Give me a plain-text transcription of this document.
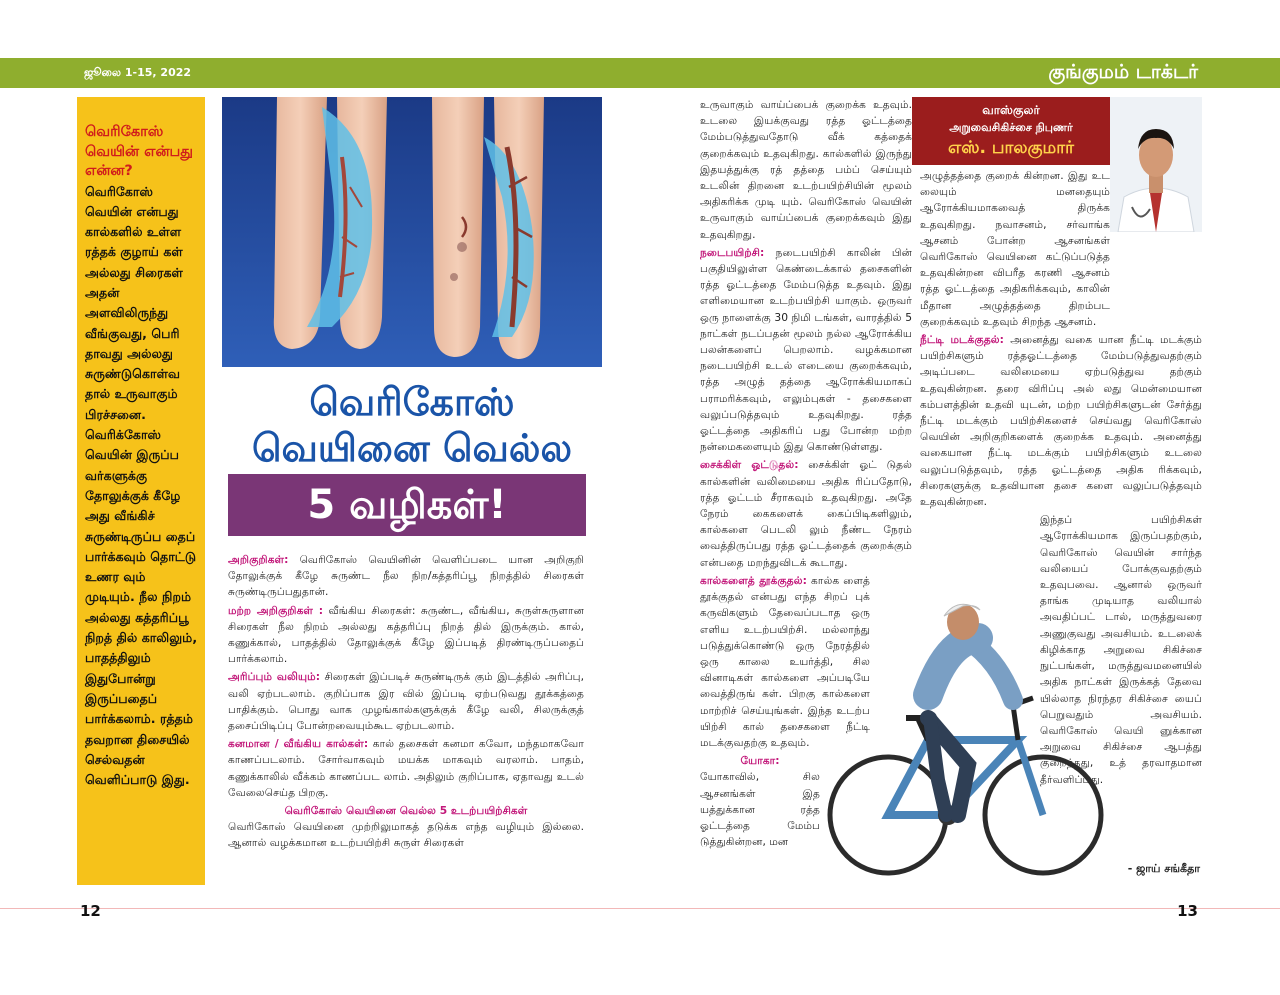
ஜூலை 1-15, 2022	குங்குமம் டாக்டர்
வெரிகோஸ் வெயின் என்பது என்ன?
வெரிகோஸ் வெயின் என்பது கால்களில் உள்ள ரத்தக் குழாய் கள் அல்லது சிரைகள் அதன் அளவிலிருந்து வீங்குவது, பெரி தாவது அல்லது சுருண்டுகொள்வ தால் உருவாகும் பிரச்சனை. வெரிக்கோஸ் வெயின் இருப்ப வர்களுக்கு தோலுக்குக் கீழே அது வீங்கிச் சுருண்டிருப்ப தைப் பார்க்கவும் தொட்டு உணர வும் முடியும். நீல நிறம் அல்லது கத்தரிப்பூ நிறத் தில் காலிலும், பாதத்திலும் இதுபோன்று இருப்பதைப் பார்க்கலாம். ரத்தம் தவறான திசையில் செல்வதன் வெளிப்பாடு இது.
வெரிகோஸ்
வெயினை வெல்ல
5 வழிகள்!

அறிகுறிகள்: வெரிகோஸ் வெயினின் வெளிப்படை யான அறிகுறி தோலுக்குக் கீழே சுருண்ட நீல நிற/கத்தரிப்பூ நிறத்தில் சிரைகள் சுருண்டிருப்பதுதான்.

மற்ற அறிகுறிகள் : வீங்கிய சிரைகள்: சுருண்ட, வீங்கிய, சுருள்சுருளான சிரைகள் நீல நிறம் அல்லது கத்தரிப்பு நிறத் தில் இருக்கும். கால், கணுக்கால், பாதத்தில் தோலுக்குக் கீழே இப்படித் திரண்டிருப்பதைப் பார்க்கலாம்.

அரிப்பும் வலியும்: சிரைகள் இப்படிச் சுருண்டிருக் கும் இடத்தில் அரிப்பு, வலி ஏற்படலாம். குறிப்பாக இர வில் இப்படி ஏற்படுவது தூக்கத்தை பாதிக்கும். பொது வாக முழங்கால்களுக்குக் கீழே வலி, சிலருக்குத் தசைப்பிடிப்பு போன்றவையும்கூட ஏற்படலாம்.

கனமான / வீங்கிய கால்கள்: கால் தசைகள் கனமா கவோ, மந்தமாகவோ காணப்படலாம். சோர்வாகவும் மயக்க மாகவும் வரலாம். பாதம், கணுக்காலில் வீக்கம் காணப்பட லாம். அதிலும் குறிப்பாக, ஏதாவது உடல் வேலைசெய்த பிறகு.

வெரிகோஸ் வெயினை வெல்ல 5 உடற்பயிற்சிகள்
வெரிகோஸ் வெயினை முற்றிலுமாகத் தடுக்க எந்த வழியும் இல்லை. ஆனால் வழக்கமான உடற்பயிற்சி சுருள் சிரைகள்

உருவாகும் வாய்ப்பைக் குறைக்க உதவும். உடலை இயக்குவது ரத்த ஓட்டத்தை மேம்படுத்துவதோடு வீக் கத்தைக் குறைக்கவும் உதவுகிறது. கால்களில் இருந்து இதயத்துக்கு ரத் தத்தை பம்ப் செய்யும் உடலின் திறனை உடற்பயிற்சியின் மூலம் அதிகரிக்க முடி யும். வெரிகோஸ் வெயின் உருவாகும் வாய்ப்பைக் குறைக்கவும் இது உதவுகிறது.

நடைபயிற்சி: நடைபயிற்சி காலின் பின் பகுதியிலுள்ள கெண்டைக்கால் தசைகளின் ரத்த ஓட்டத்தை மேம்படுத்த உதவும். இது எளிமையான உடற்பயிற்சி யாகும். ஒருவர் ஒரு நாளைக்கு 30 நிமி டங்கள், வாரத்தில் 5 நாட்கள் நடப்பதன் மூலம் நல்ல ஆரோக்கிய பலன்களைப் பெறலாம். வழக்கமான நடைபயிற்சி உடல் எடையை குறைக்கவும், ரத்த அழுத் தத்தை ஆரோக்கியமாகப் பராமரிக்கவும், எலும்புகள் - தசைகளை வலுப்படுத்தவும் உதவுகிறது. ரத்த ஓட்டத்தை அதிகரிப் பது போன்ற மற்ற நன்மைகளையும் இது கொண்டுள்ளது.

சைக்கிள் ஓட்டுதல்: சைக்கிள் ஓட் டுதல் கால்களின் வலிமையை அதிக ரிப்பதோடு, ரத்த ஓட்டம் சீராகவும் உதவுகிறது. அதே நேரம் கைகளைக் கைப்பிடிகளிலும், கால்களை பெடலி லும் நீண்ட நேரம் வைத்திருப்பது ரத்த ஓட்டத்தைக் குறைக்கும் என்பதை மறந்துவிடக் கூடாது.

கால்களைத் தூக்குதல்: கால்க ளைத் தூக்குதல் என்பது எந்த சிறப் புக் கருவிகளும் தேவைப்படாத ஒரு எளிய உடற்பயிற்சி. மல்லாந்து படுத்துக்கொண்டு ஒரு நேரத்தில் ஒரு காலை உயர்த்தி, சில வினாடிகள் கால்களை அப்படியே வைத்திருங் கள். பிறகு கால்களை மாற்றிச் செய்யுங்கள். இந்த உடற்ப யிற்சி கால் தசைகளை நீட்டி மடக்குவதற்கு உதவும்.

யோகா:
யோகாவில், சில ஆசனங்கள் இத யத்துக்கான ரத்த ஓட்டத்தை மேம்ப டுத்துகின்றன, மன

வாஸ்குலர்
அறுவைசிகிச்சை நிபுணர்
எஸ். பாலகுமார்

அழுத்தத்தை குறைக் கின்றன. இது உட லையும் மனதையும் ஆரோக்கியமாகவைத் திருக்க உதவுகிறது. நவாசனம், சர்வாங்க ஆசனம் போன்ற ஆசனங்கள் வெரிகோஸ் வெயினை கட்டுப்படுத்த உதவுகின்றன விபரீத கரணி ஆசனம் ரத்த ஓட்டத்தை அதிகரிக்கவும், காலின் மீதான அழுத்தத்தை திறம்பட குறைக்கவும் உதவும் சிறந்த ஆசனம்.

நீட்டி மடக்குதல்: அனைத்து வகை யான நீட்டி மடக்கும் பயிற்சிகளும் ரத்தஓட்டத்தை மேம்படுத்துவதற்கும் அடிப்படை வலிமையை ஏற்படுத்துவ தற்கும் உதவுகின்றன. தரை விரிப்பு அல் லது மென்மையான கம்பளத்தின் உதவி யுடன், மற்ற பயிற்சிகளுடன் சேர்த்து நீட்டி மடக்கும் பயிற்சிகளைச் செய்வது வெரிகோஸ் வெயின் அறிகுறிகளைக் குறைக்க உதவும். அனைத்து வகையான நீட்டி மடக்கும் பயிற்சிகளும் உடலை வலுப்படுத்தவும், ரத்த ஓட்டத்தை அதிக ரிக்கவும், சிரைகளுக்கு உதவியான தசை களை வலுப்படுத்தவும் உதவுகின்றன.

இந்தப் பயிற்சிகள் ஆரோக்கியமாக இருப்பதற்கும், வெரிகோஸ் வெயின் சார்ந்த வலியைப் போக்குவதற்கும் உதவுபவை. ஆனால் ஒருவர் தாங்க முடியாத வலியால் அவதிப்பட் டால், மருத்துவரை அணுகுவது அவசியம். உடலைக் கிழிக்காத அறுவை சிகிச்சை நுட்பங்கள், மருத்துவமனையில் அதிக நாட்கள் இருக்கத் தேவை யில்லாத நிரந்தர சிகிச்சை யைப் பெறுவதும் அவசியம். வெரிகோஸ் வெயி னுக்கான அறுவை சிகிச்சை ஆபத்து குறைந்தது, உத் தரவாதமான தீர்வளிப்பது.

- ஜாய் சங்கீதா
12	13
